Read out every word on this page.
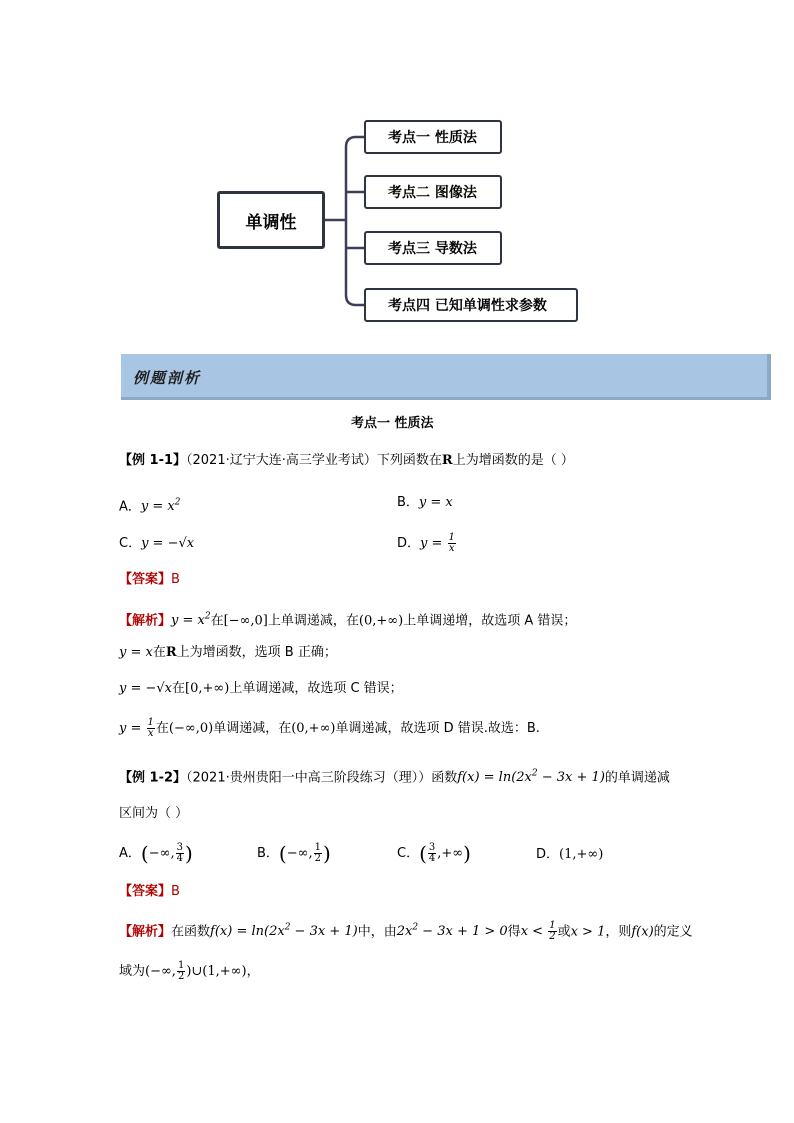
单调性
考点一 性质法
考点二 图像法
考点三 导数法
考点四 已知单调性求参数
例题剖析
考点一 性质法
【例 1-1】（2021·辽宁大连·高三学业考试）下列函数在R上为增函数的是（ ）
A．$y = x^2$	B．y = x
C．y = −√x	D．$y = \frac{1}{x}$
【答案】B
【解析】$y = x^2$在[−∞,0]上单调递减，在(0,+∞)上单调递增，故选项 A 错误；
y = x在R上为增函数，选项 B 正确；
y = −√x在[0,+∞)上单调递减，故选项 C 错误；
$y = \frac{1}{x}$ 在(−∞,0)单调递减，在(0,+∞)单调递减，故选项 D 错误.故选：B.
【例 1-2】（2021·贵州贵阳一中高三阶段练习（理））函数$f(x) = \ln(2x^2 - 3x + 1)$的单调递减
区间为（ ）
A．(−∞, $\frac{3}{4}$ )	B．(−∞, $\frac{1}{2}$ )	C．( $\frac{3}{4}$ ,+∞)	D．(1,+∞)
【答案】B
【解析】在函数$f(x) = \ln(2x^2 - 3x + 1)$中，由$2x^2 - 3x + 1 > 0$得$x < \frac{1}{2}$ 或x > 1，则f(x)的定义
域为(−∞, $\frac{1}{2}$ )∪(1,+∞)，
